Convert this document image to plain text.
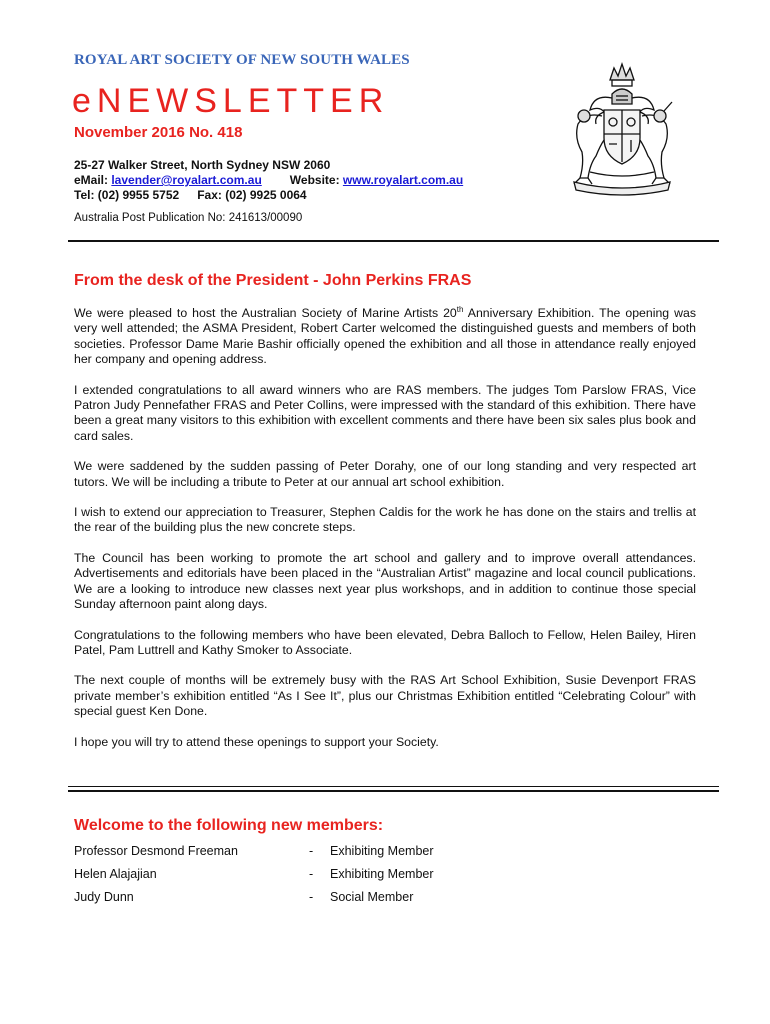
ROYAL ART SOCIETY OF NEW SOUTH WALES
eNEWSLETTER
November 2016 No. 418
25-27 Walker Street, North Sydney NSW 2060
eMail: lavender@royalart.com.au Website: www.royalart.com.au
Tel: (02) 9955 5752 Fax: (02) 9925 0064
Australia Post Publication No: 241613/00090
From the desk of the President - John Perkins FRAS

We were pleased to host the Australian Society of Marine Artists 20th Anniversary Exhibition. The opening was very well attended; the ASMA President, Robert Carter welcomed the distinguished guests and members of both societies. Professor Dame Marie Bashir officially opened the exhibition and all those in attendance really enjoyed her company and opening address.

I extended congratulations to all award winners who are RAS members. The judges Tom Parslow FRAS, Vice Patron Judy Pennefather FRAS and Peter Collins, were impressed with the standard of this exhibition. There have been a great many visitors to this exhibition with excellent comments and there have been six sales plus book and card sales.

We were saddened by the sudden passing of Peter Dorahy, one of our long standing and very respected art tutors. We will be including a tribute to Peter at our annual art school exhibition.

I wish to extend our appreciation to Treasurer, Stephen Caldis for the work he has done on the stairs and trellis at the rear of the building plus the new concrete steps.

The Council has been working to promote the art school and gallery and to improve overall attendances. Advertisements and editorials have been placed in the “Australian Artist” magazine and local council publications. We are a looking to introduce new classes next year plus workshops, and in addition to continue those special Sunday afternoon paint along days.

Congratulations to the following members who have been elevated, Debra Balloch to Fellow, Helen Bailey, Hiren Patel, Pam Luttrell and Kathy Smoker to Associate.

The next couple of months will be extremely busy with the RAS Art School Exhibition, Susie Devenport FRAS private member’s exhibition entitled “As I See It”, plus our Christmas Exhibition entitled “Celebrating Colour” with special guest Ken Done.

I hope you will try to attend these openings to support your Society.

Welcome to the following new members:
Professor Desmond Freeman	- Exhibiting Member
Helen Alajajian	- Exhibiting Member
Judy Dunn	- Social Member
